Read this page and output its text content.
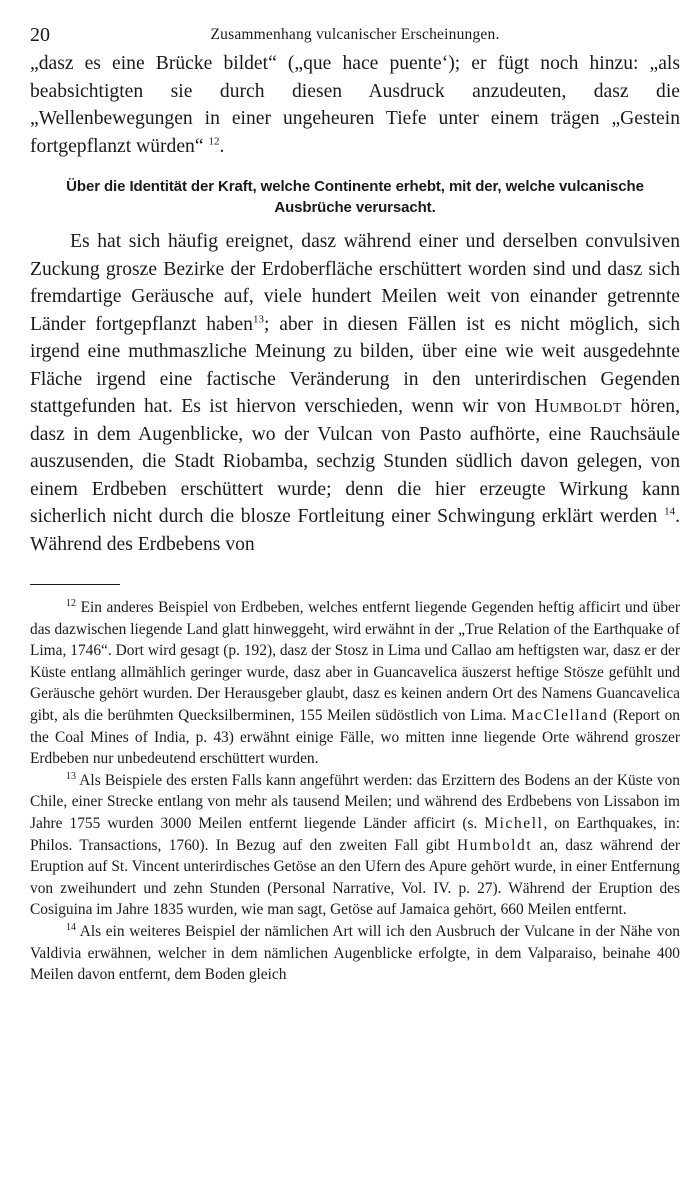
20	Zusammenhang vulcanischer Erscheinungen.

„dasz es eine Brücke bildet“ („que hace puente‘); er fügt noch hinzu: „als beabsichtigten sie durch diesen Ausdruck anzudeuten, dasz die „Wellenbewegungen in einer ungeheuren Tiefe unter einem trägen „Gestein fortgepflanzt würden“ $^{12}$.

Über die Identität der Kraft, welche Continente erhebt, mit der, welche vulcanische Ausbrüche verursacht.

Es hat sich häufig ereignet, dasz während einer und derselben convulsiven Zuckung grosze Bezirke der Erdoberfläche erschüttert worden sind und dasz sich fremdartige Geräusche auf, viele hundert Meilen weit von einander getrennte Länder fortgepflanzt haben$^{13}$; aber in diesen Fällen ist es nicht möglich, sich irgend eine muthmaszliche Meinung zu bilden, über eine wie weit ausgedehnte Fläche irgend eine factische Veränderung in den unterirdischen Gegenden stattgefunden hat. Es ist hiervon verschieden, wenn wir von Humboldt hören, dasz in dem Augenblicke, wo der Vulcan von Pasto aufhörte, eine Rauchsäule auszusenden, die Stadt Riobamba, sechzig Stunden südlich davon gelegen, von einem Erdbeben erschüttert wurde; denn die hier erzeugte Wirkung kann sicherlich nicht durch die blosze Fortleitung einer Schwingung erklärt werden $^{14}$. Während des Erdbebens von

$^{12}$ Ein anderes Beispiel von Erdbeben, welches entfernt liegende Gegenden heftig afficirt und über das dazwischen liegende Land glatt hinweggeht, wird erwähnt in der „True Relation of the Earthquake of Lima, 1746“. Dort wird gesagt (p. 192), dasz der Stosz in Lima und Callao am heftigsten war, dasz er der Küste entlang allmählich geringer wurde, dasz aber in Guancavelica äuszerst heftige Stösze gefühlt und Geräusche gehört wurden. Der Herausgeber glaubt, dasz es keinen andern Ort des Namens Guancavelica gibt, als die berühmten Quecksilberminen, 155 Meilen südöstlich von Lima. MacClelland (Report on the Coal Mines of India, p. 43) erwähnt einige Fälle, wo mitten inne liegende Orte während groszer Erdbeben nur unbedeutend erschüttert wurden.

$^{13}$ Als Beispiele des ersten Falls kann angeführt werden: das Erzittern des Bodens an der Küste von Chile, einer Strecke entlang von mehr als tausend Meilen; und während des Erdbebens von Lissabon im Jahre 1755 wurden 3000 Meilen entfernt liegende Länder afficirt (s. Michell, on Earthquakes, in: Philos. Transactions, 1760). In Bezug auf den zweiten Fall gibt Humboldt an, dasz während der Eruption auf St. Vincent unterirdisches Getöse an den Ufern des Apure gehört wurde, in einer Entfernung von zweihundert und zehn Stunden (Personal Narrative, Vol. IV. p. 27). Während der Eruption des Cosiguina im Jahre 1835 wurden, wie man sagt, Getöse auf Jamaica gehört, 660 Meilen entfernt.

$^{14}$ Als ein weiteres Beispiel der nämlichen Art will ich den Ausbruch der Vulcane in der Nähe von Valdivia erwähnen, welcher in dem nämlichen Augenblicke erfolgte, in dem Valparaiso, beinahe 400 Meilen davon entfernt, dem Boden gleich
